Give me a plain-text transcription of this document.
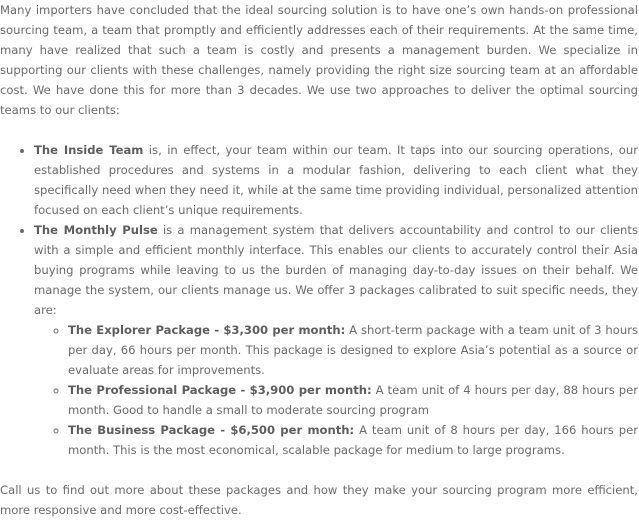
Many importers have concluded that the ideal sourcing solution is to have one’s own hands-on professional sourcing team, a team that promptly and efficiently addresses each of their requirements. At the same time, many have realized that such a team is costly and presents a management burden. We specialize in supporting our clients with these challenges, namely providing the right size sourcing team at an affordable cost. We have done this for more than 3 decades. We use two approaches to deliver the optimal sourcing teams to our clients:

• The Inside Team is, in effect, your team within our team. It taps into our sourcing operations, our established procedures and systems in a modular fashion, delivering to each client what they specifically need when they need it, while at the same time providing individual, personalized attention focused on each client’s unique requirements.
• The Monthly Pulse is a management system that delivers accountability and control to our clients with a simple and efficient monthly interface. This enables our clients to accurately control their Asia buying programs while leaving to us the burden of managing day-to-day issues on their behalf. We manage the system, our clients manage us. We offer 3 packages calibrated to suit specific needs, they are:
◦ The Explorer Package - $3,300 per month: A short-term package with a team unit of 3 hours per day, 66 hours per month. This package is designed to explore Asia’s potential as a source or evaluate areas for improvements.
◦ The Professional Package - $3,900 per month: A team unit of 4 hours per day, 88 hours per month. Good to handle a small to moderate sourcing program
◦ The Business Package - $6,500 per month: A team unit of 8 hours per day, 166 hours per month. This is the most economical, scalable package for medium to large programs.

Call us to find out more about these packages and how they make your sourcing program more efficient, more responsive and more cost-effective.
